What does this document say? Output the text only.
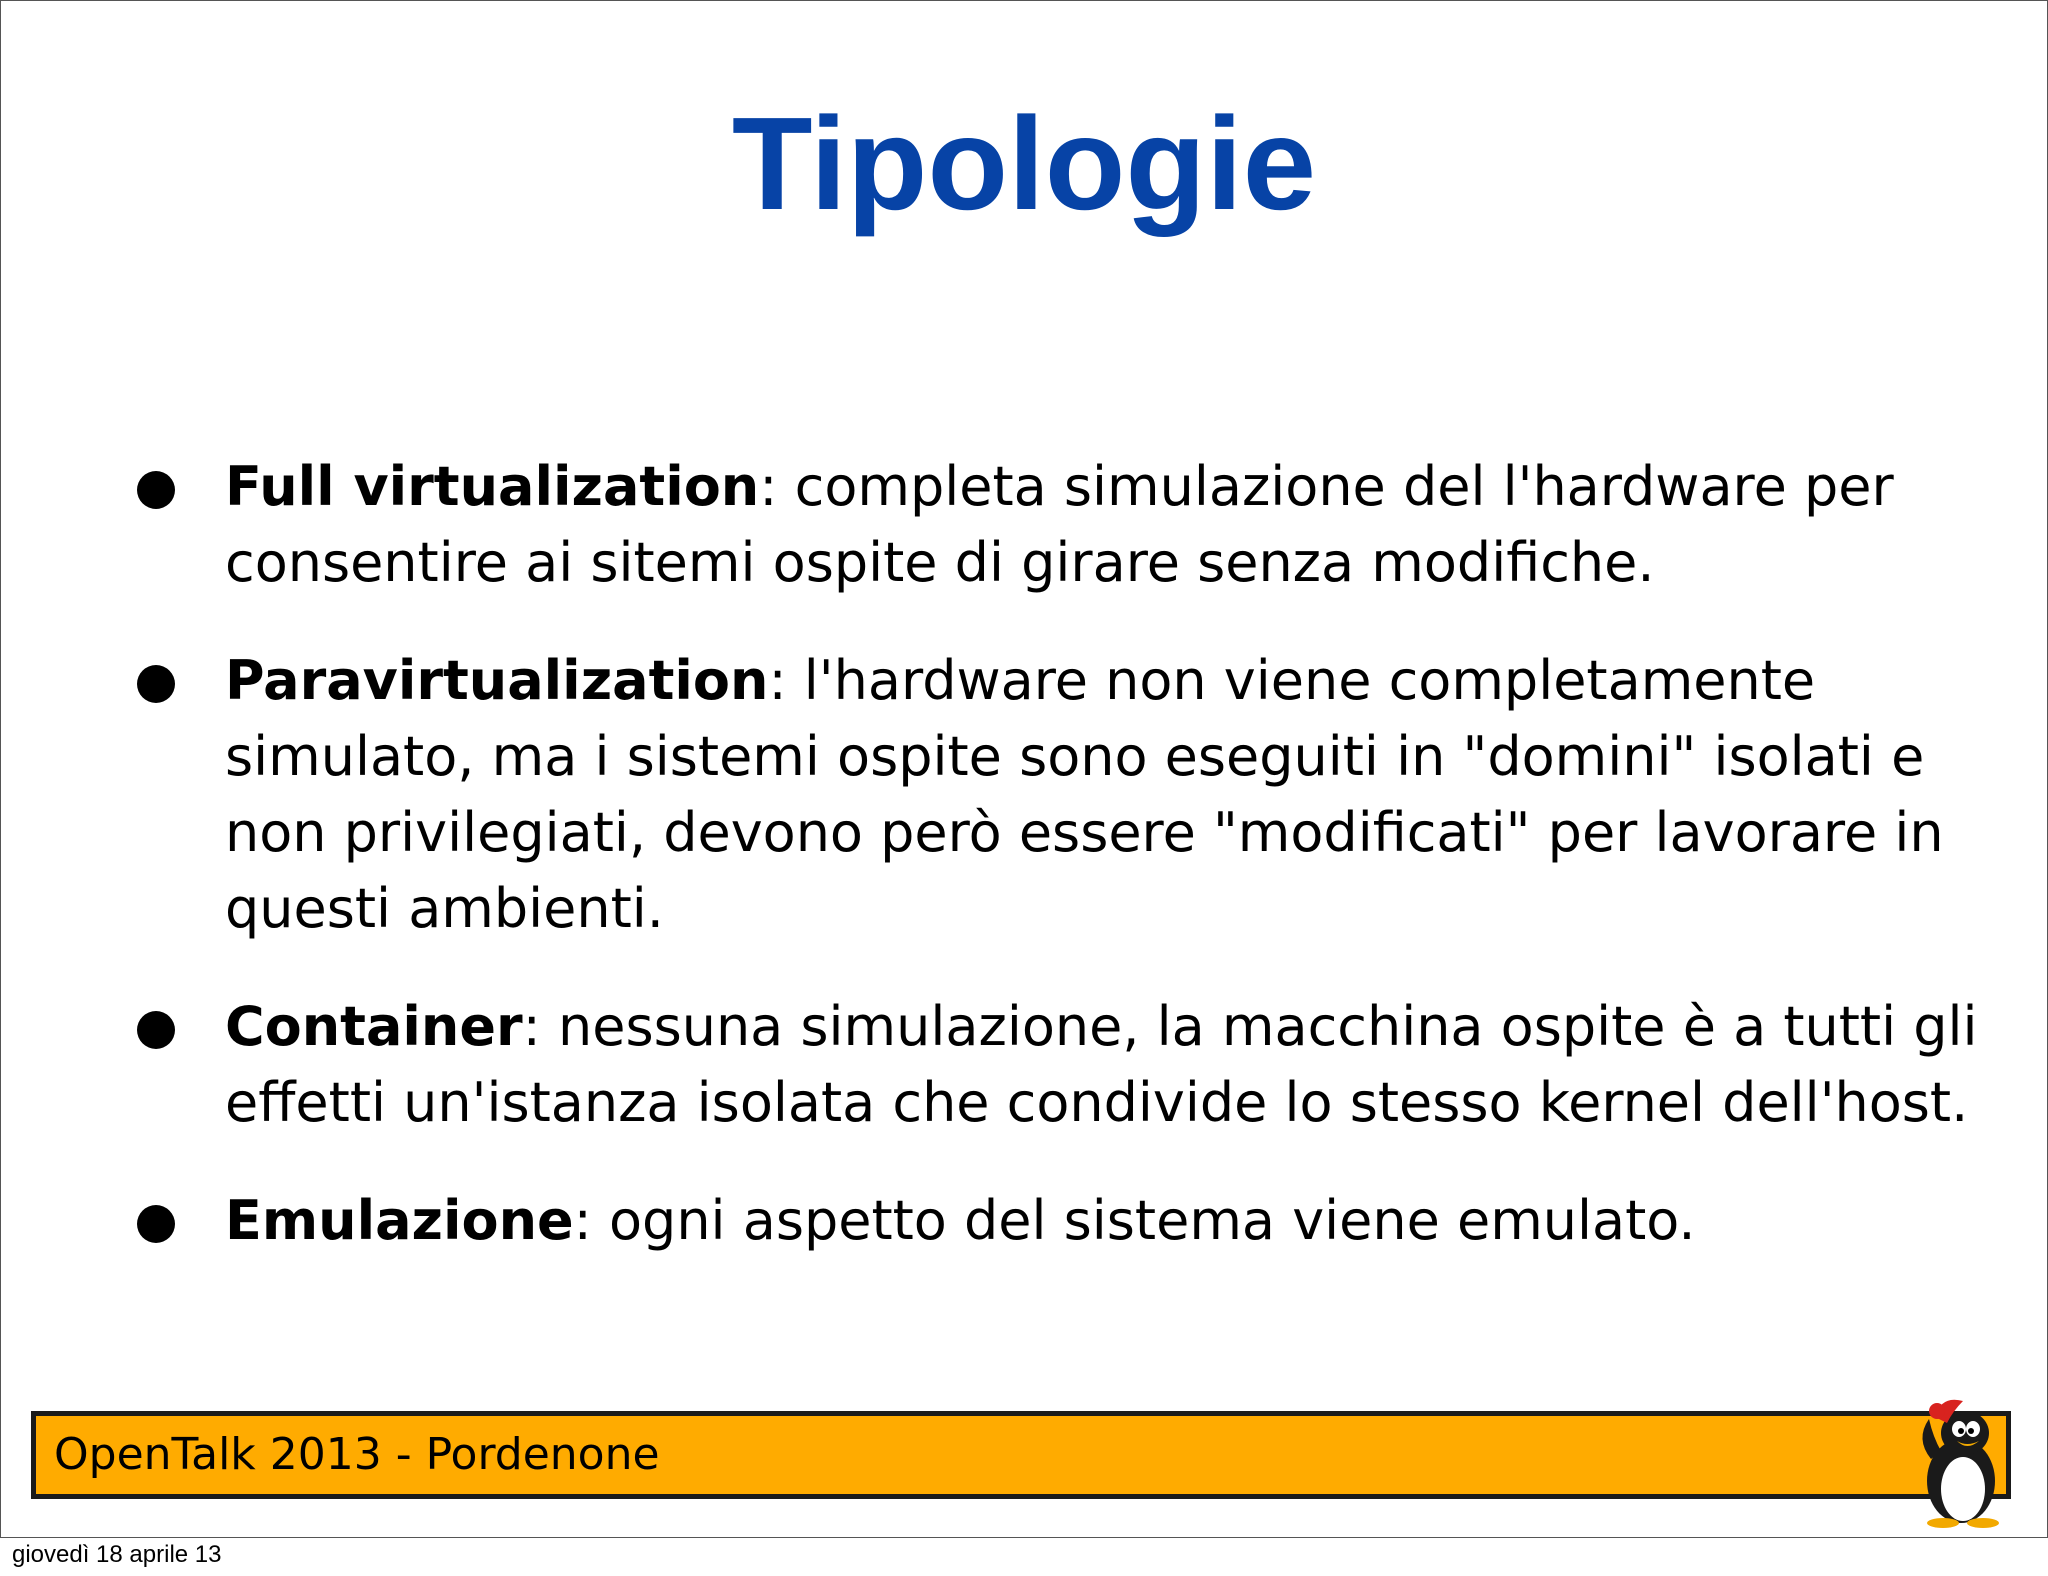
Tipologie
Full virtualization: completa simulazione del l'hardware per consentire ai sitemi ospite di girare senza modifiche.
Paravirtualization: l'hardware non viene completamente simulato, ma i sistemi ospite sono eseguiti in "domini" isolati e non privilegiati, devono però essere "modificati" per lavorare in questi ambienti.
Container: nessuna simulazione, la macchina ospite è a tutti gli effetti un'istanza isolata che condivide lo stesso kernel dell'host.
Emulazione: ogni aspetto del sistema viene emulato.
OpenTalk 2013 - Pordenone
giovedì 18 aprile 13
